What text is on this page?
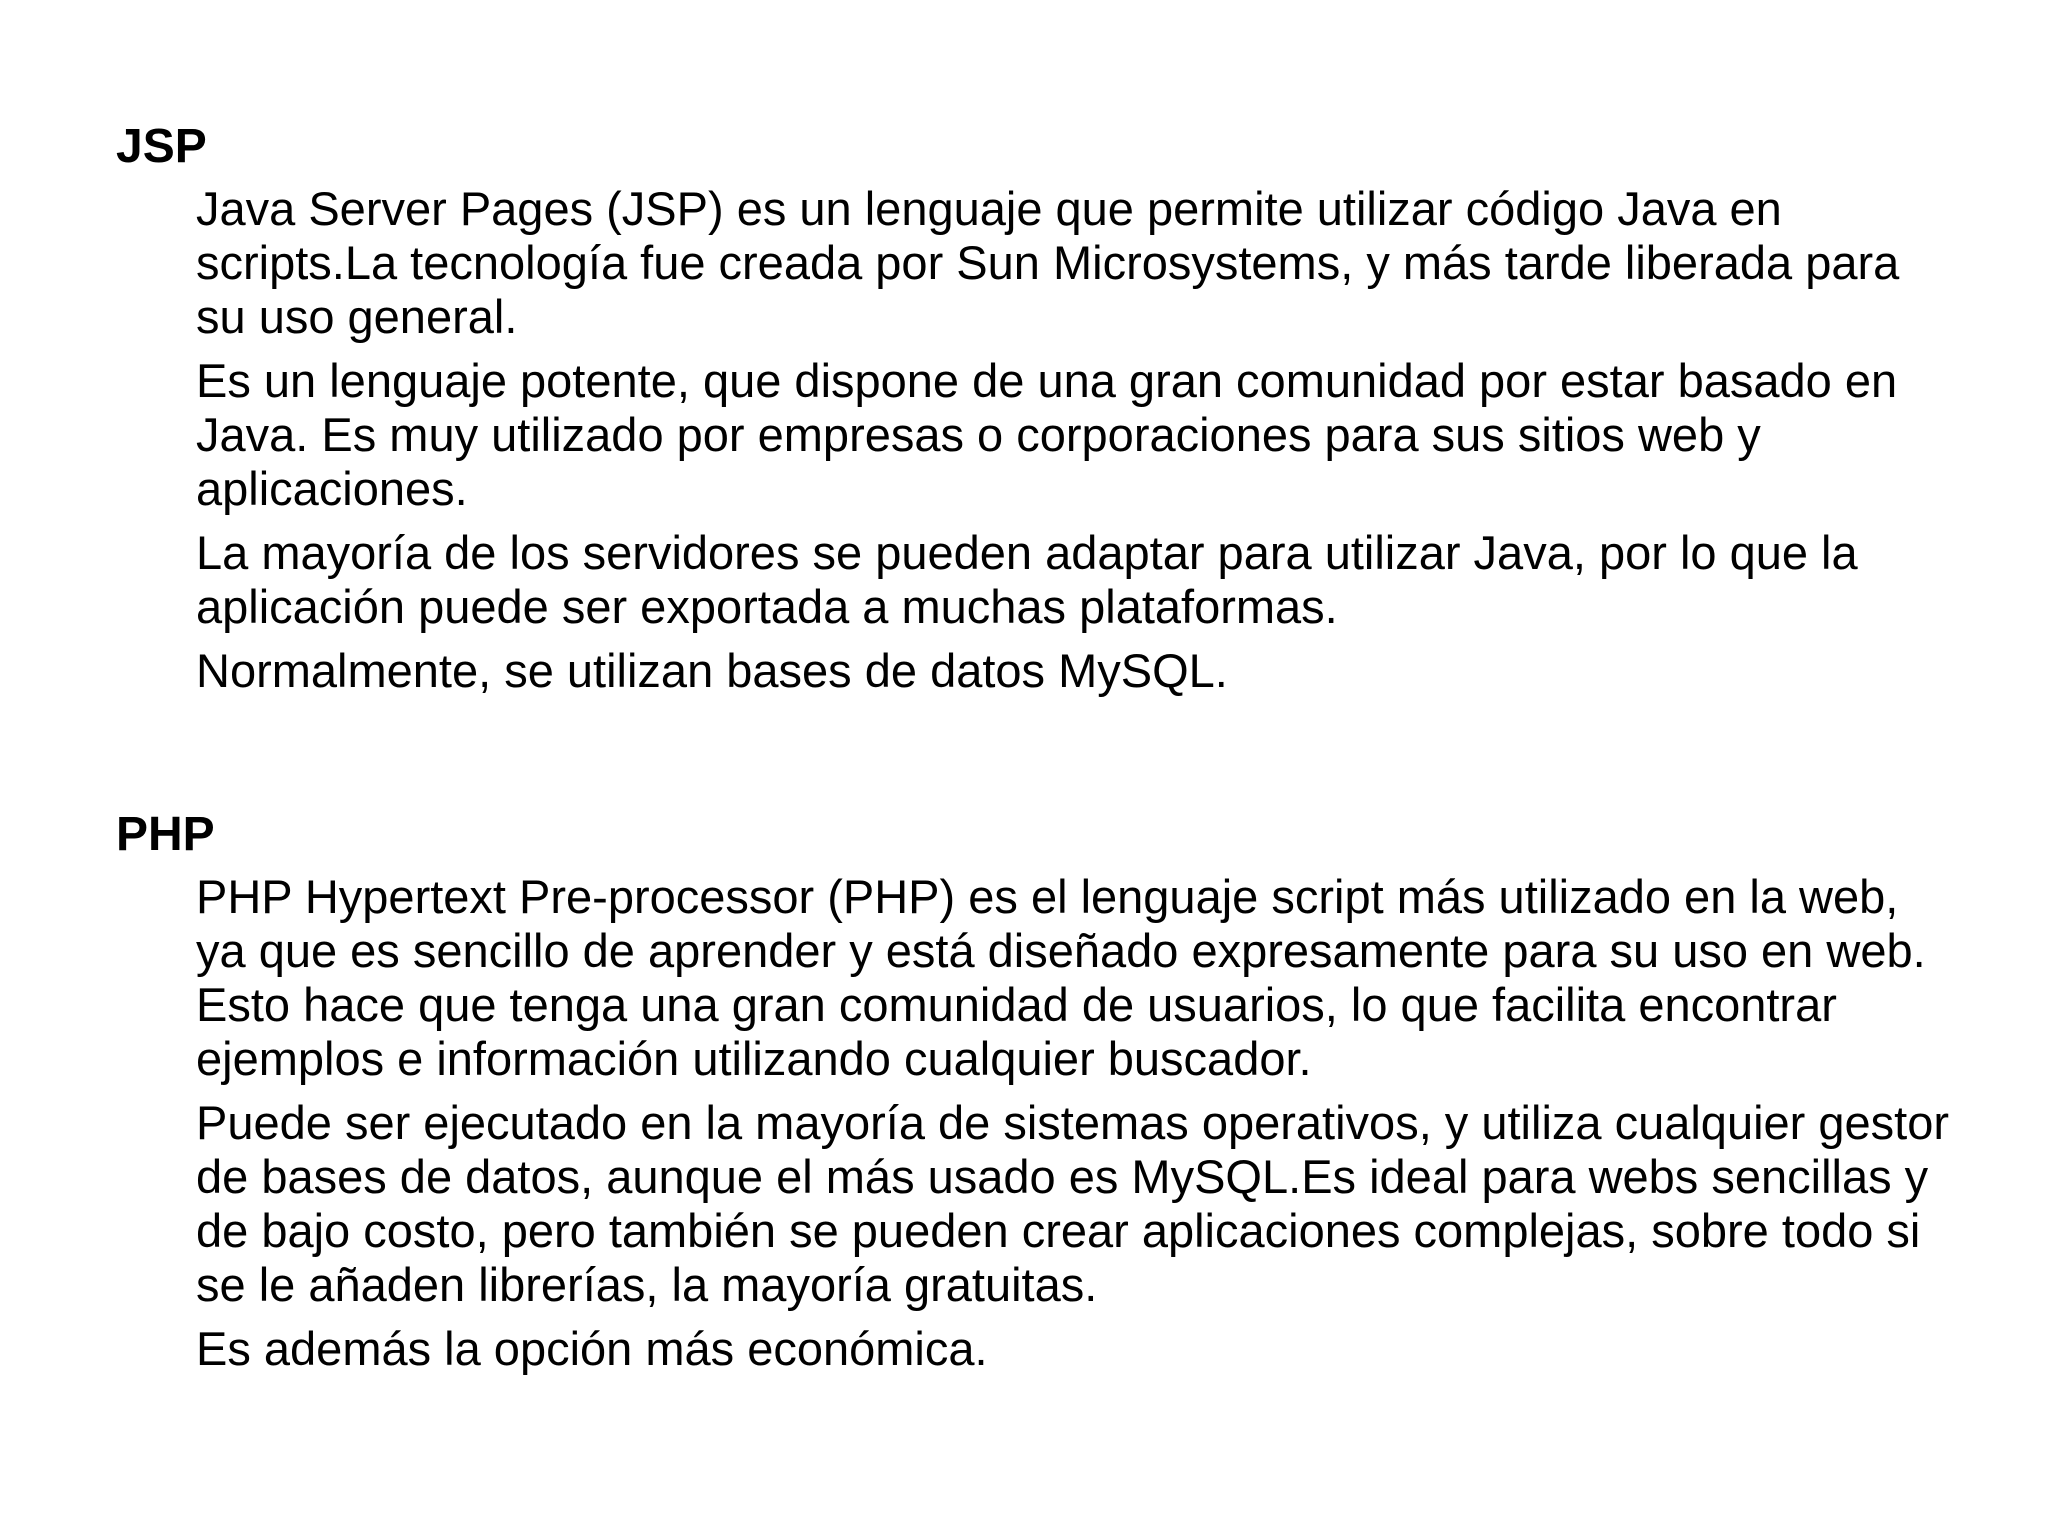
JSP

Java Server Pages (JSP) es un lenguaje que permite utilizar código Java en scripts.La tecnología fue creada por Sun Microsystems, y más tarde liberada para su uso general.

Es un lenguaje potente, que dispone de una gran comunidad por estar basado en Java. Es muy utilizado por empresas o corporaciones para sus sitios web y aplicaciones.

La mayoría de los servidores se pueden adaptar para utilizar Java, por lo que la aplicación puede ser exportada a muchas plataformas.

Normalmente, se utilizan bases de datos MySQL.

PHP

PHP Hypertext Pre-processor (PHP) es el lenguaje script más utilizado en la web, ya que es sencillo de aprender y está diseñado expresamente para su uso en web. Esto hace que tenga una gran comunidad de usuarios, lo que facilita encontrar ejemplos e información utilizando cualquier buscador.

Puede ser ejecutado en la mayoría de sistemas operativos, y utiliza cualquier gestor de bases de datos, aunque el más usado es MySQL.Es ideal para webs sencillas y de bajo costo, pero también se pueden crear aplicaciones complejas, sobre todo si se le añaden librerías, la mayoría gratuitas.

Es además la opción más económica.
